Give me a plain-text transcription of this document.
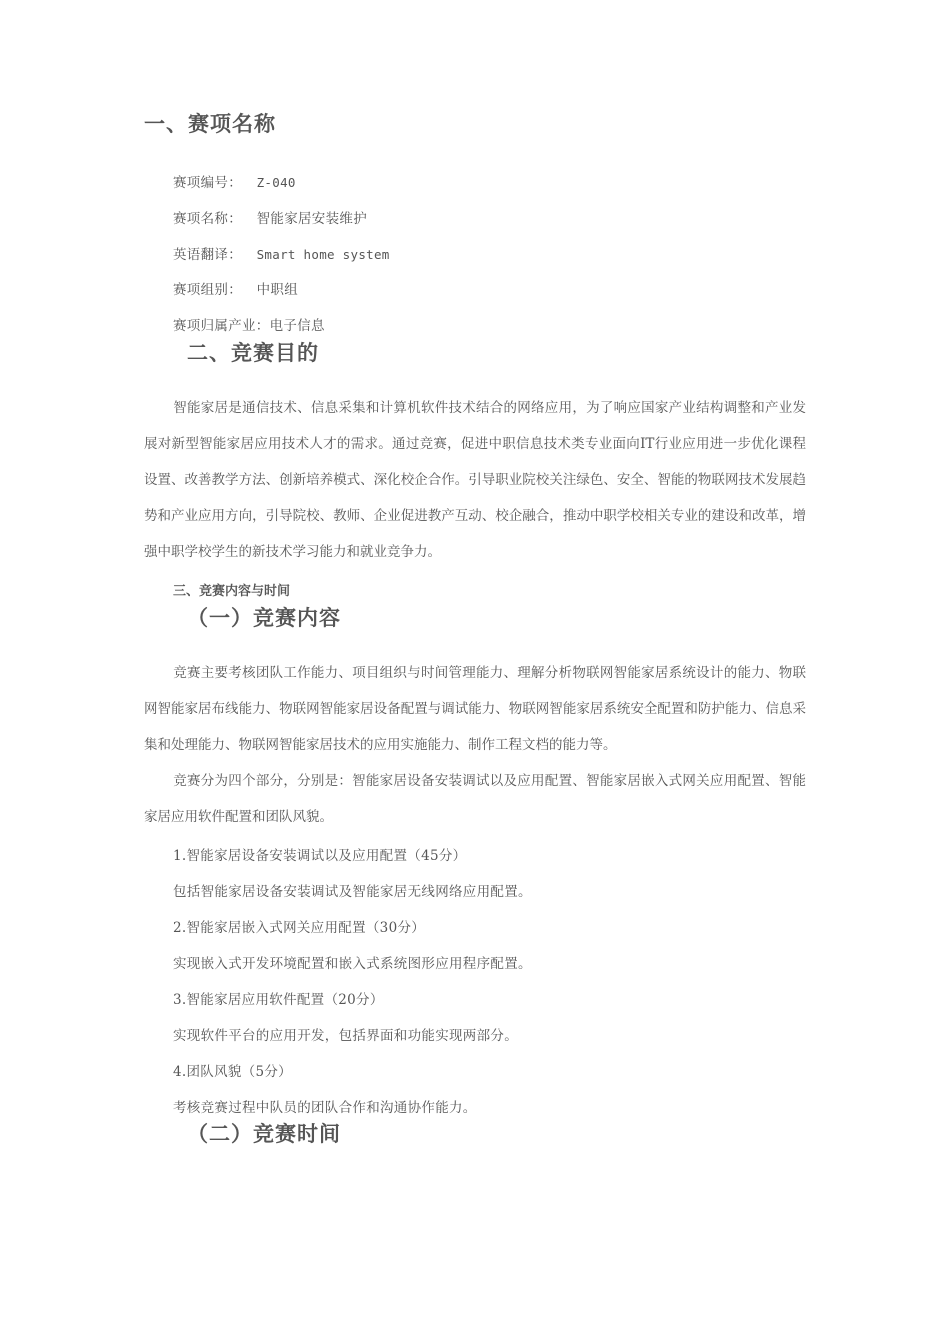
一、赛项名称
赛项编号： Z-040
赛项名称： 智能家居安装维护
英语翻译： Smart home system
赛项组别： 中职组
赛项归属产业：电子信息
二、竞赛目的
智能家居是通信技术、信息采集和计算机软件技术结合的网络应用，为了响应国家产业结构调整和产业发展对新型智能家居应用技术人才的需求。通过竞赛，促进中职信息技术类专业面向IT行业应用进一步优化课程设置、改善教学方法、创新培养模式、深化校企合作。引导职业院校关注绿色、安全、智能的物联网技术发展趋势和产业应用方向，引导院校、教师、企业促进教产互动、校企融合，推动中职学校相关专业的建设和改革，增强中职学校学生的新技术学习能力和就业竞争力。
三、竞赛内容与时间
（一）竞赛内容
竞赛主要考核团队工作能力、项目组织与时间管理能力、理解分析物联网智能家居系统设计的能力、物联网智能家居布线能力、物联网智能家居设备配置与调试能力、物联网智能家居系统安全配置和防护能力、信息采集和处理能力、物联网智能家居技术的应用实施能力、制作工程文档的能力等。
竞赛分为四个部分，分别是：智能家居设备安装调试以及应用配置、智能家居嵌入式网关应用配置、智能家居应用软件配置和团队风貌。
1.智能家居设备安装调试以及应用配置（45分）
包括智能家居设备安装调试及智能家居无线网络应用配置。
2.智能家居嵌入式网关应用配置（30分）
实现嵌入式开发环境配置和嵌入式系统图形应用程序配置。
3.智能家居应用软件配置（20分）
实现软件平台的应用开发，包括界面和功能实现两部分。
4.团队风貌（5分）
考核竞赛过程中队员的团队合作和沟通协作能力。
（二）竞赛时间
